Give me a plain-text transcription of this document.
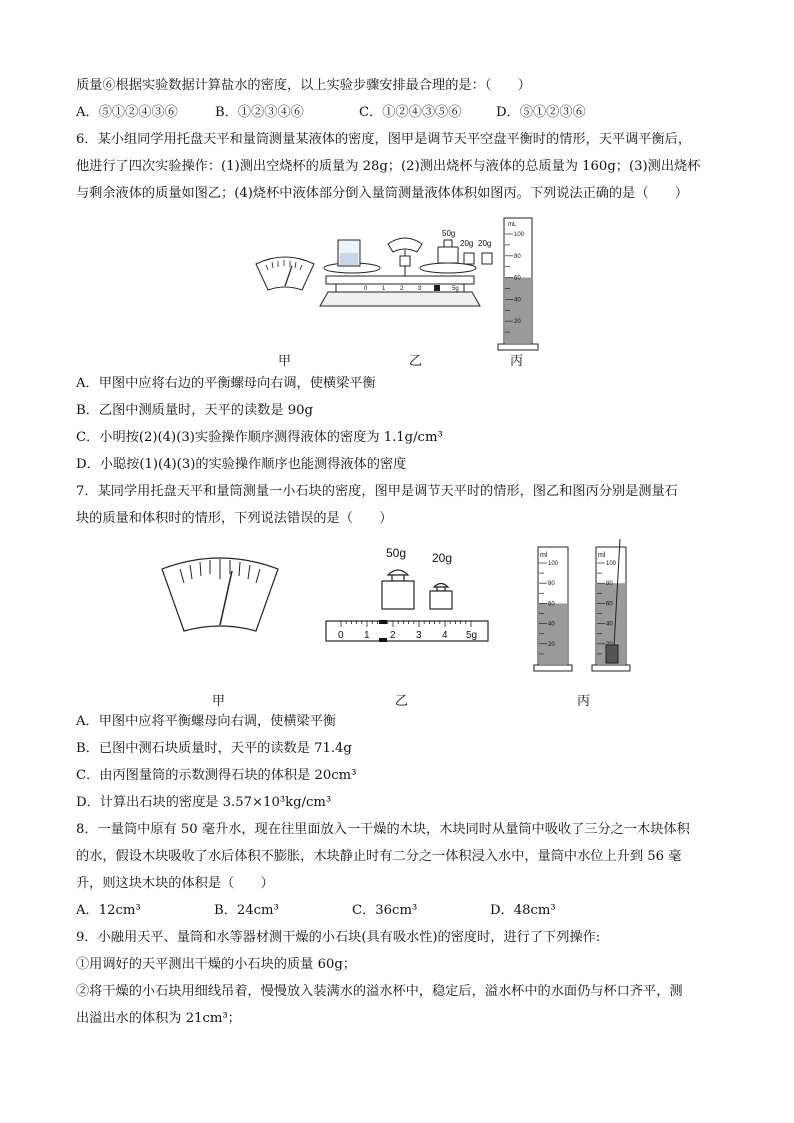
质量⑥根据实验数据计算盐水的密度，以上实验步骤安排最合理的是：（　　）
A．⑤①②④③⑥	B．①②③④⑥	C．①②④③⑤⑥	D．⑤①②③⑥
6．某小组同学用托盘天平和量筒测量某液体的密度，图甲是调节天平空盘平衡时的情形，天平调平衡后，
他进行了四次实验操作：(1)测出空烧杯的质量为 28g；(2)测出烧杯与液体的总质量为 160g；(3)测出烧杯
与剩余液体的质量如图乙；(4)烧杯中液体部分倒入量筒测量液体体积如图丙。下列说法正确的是（　　）
50g
20g 20g
0 1 2 3 4 5g
100
80
60
40
20
mL
甲	乙	丙
A．甲图中应将右边的平衡螺母向右调，使横梁平衡
B．乙图中测质量时，天平的读数是 90g
C．小明按(2)(4)(3)实验操作顺序测得液体的密度为 1.1g/cm³
D．小聪按(1)(4)(3)的实验操作顺序也能测得液体的密度
7．某同学用托盘天平和量筒测量一小石块的密度，图甲是调节天平时的情形，图乙和图丙分别是测量石
块的质量和体积时的情形，下列说法错误的是（　　）
50g 20g
0 1 2 3 4 5g
100
80
60
40
20
ml
100
80
60
40
ml
甲	乙	丙
A．甲图中应将平衡螺母向右调，使横梁平衡
B．已图中测石块质量时，天平的读数是 71.4g
C．由丙图量筒的示数测得石块的体积是 20cm³
D．计算出石块的密度是 3.57×10³kg/cm³
8．一量筒中原有 50 毫升水，现在往里面放入一干燥的木块，木块同时从量筒中吸收了三分之一木块体积
的水，假设木块吸收了水后体积不膨胀，木块静止时有二分之一体积浸入水中，量筒中水位上升到 56 毫
升，则这块木块的体积是（　　）
A．12cm³	B．24cm³	C．36cm³	D．48cm³
9．小融用天平、量筒和水等器材测干燥的小石块(具有吸水性)的密度时，进行了下列操作:
①用调好的天平测出干燥的小石块的质量 60g；
②将干燥的小石块用细线吊着，慢慢放入装满水的溢水杯中，稳定后，溢水杯中的水面仍与杯口齐平，测
出溢出水的体积为 21cm³；
